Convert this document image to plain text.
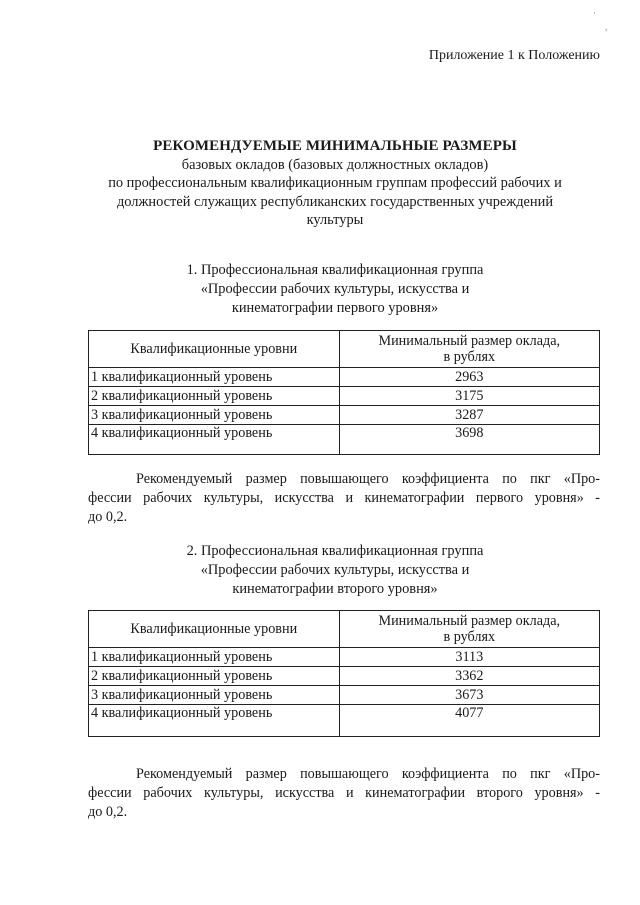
·
,
Приложение 1 к Положению
РЕКОМЕНДУЕМЫЕ МИНИМАЛЬНЫЕ РАЗМЕРЫ
базовых окладов (базовых должностных окладов)
по профессиональным квалификационным группам профессий рабочих и
должностей служащих республиканских государственных учреждений
культуры
1. Профессиональная квалификационная группа
«Профессии рабочих культуры, искусства и
кинематографии первого уровня»
Квалификационные уровни	Минимальный размер оклада,
в рублях

1 квалификационный уровень	2963
2 квалификационный уровень	3175
3 квалификационный уровень	3287
4 квалификационный уровень	3698
Рекомендуемый размер повышающего коэффициента по пкг «Про-
фессии рабочих культуры, искусства и кинематографии первого уровня» -
до 0,2.
2. Профессиональная квалификационная группа
«Профессии рабочих культуры, искусства и
кинематографии второго уровня»
Квалификационные уровни	Минимальный размер оклада,
в рублях

1 квалификационный уровень	3113
2 квалификационный уровень	3362
3 квалификационный уровень	3673
4 квалификационный уровень	4077
Рекомендуемый размер повышающего коэффициента по пкг «Про-
фессии рабочих культуры, искусства и кинематографии второго уровня» -
до 0,2.
